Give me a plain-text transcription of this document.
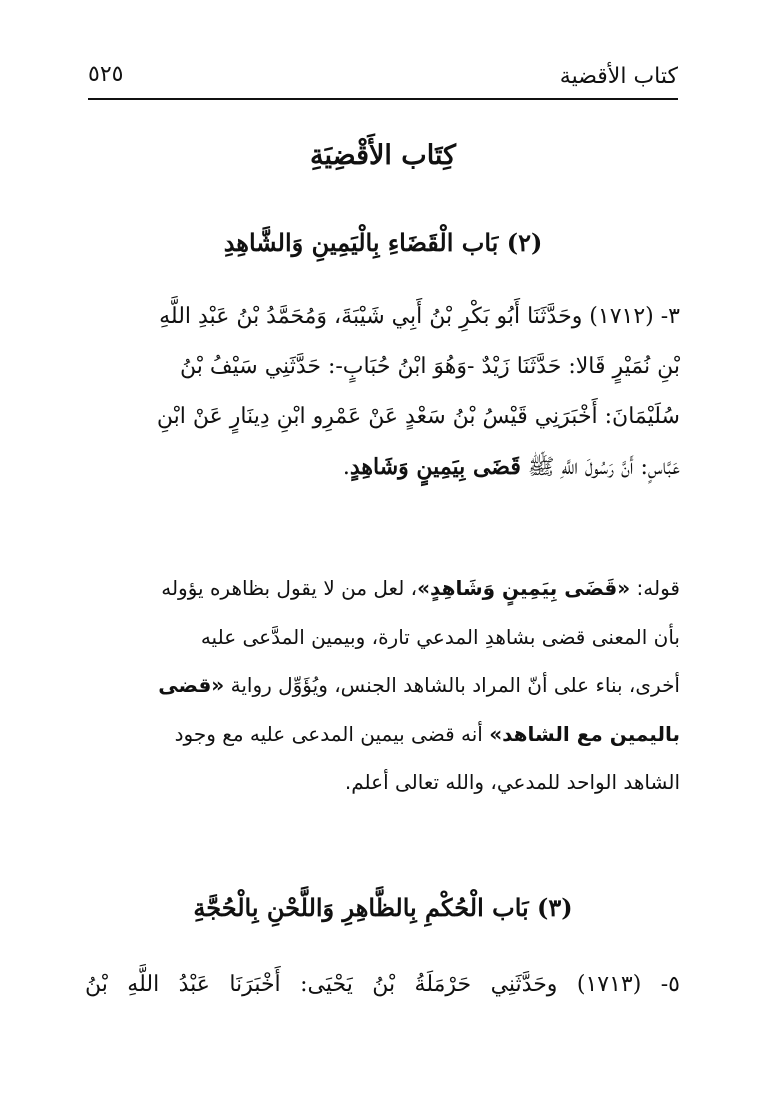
كتاب الأقضية
٥٢٥
كِتَاب الأَقْضِيَةِ
(٢) بَاب الْقَضَاءِ بِالْيَمِينِ وَالشَّاهِدِ
٣- (١٧١٢) وحَدَّثَنَا أَبُو بَكْرِ بْنُ أَبِي شَيْبَةَ، وَمُحَمَّدُ بْنُ عَبْدِ اللَّهِ
بْنِ نُمَيْرٍ قَالا: حَدَّثَنَا زَيْدٌ -وَهُوَ ابْنُ حُبَابٍ-: حَدَّثَنِي سَيْفُ بْنُ
سُلَيْمَانَ: أَخْبَرَنِي قَيْسُ بْنُ سَعْدٍ عَنْ عَمْرِو ابْنِ دِينَارٍ عَنْ ابْنِ
عَبَّاسٍ: أَنَّ رَسُولَ اللَّهِ ﷺ قَضَى بِيَمِينٍ وَشَاهِدٍ.
قوله: «قَضَى بِيَمِينٍ وَشَاهِدٍ»، لعل من لا يقول بظاهره يؤوله
بأن المعنى قضى بشاهدِ المدعي تارة، وبيمين المدَّعى عليه
أخرى، بناء على أنّ المراد بالشاهد الجنس، ويُؤَوِّل رواية «قضى
باليمين مع الشاهد» أنه قضى بيمين المدعى عليه مع وجود
الشاهد الواحد للمدعي، والله تعالى أعلم.
(٣) بَاب الْحُكْمِ بِالظَّاهِرِ وَاللَّحْنِ بِالْحُجَّةِ
٥- (١٧١٣) وحَدَّثَنِي حَرْمَلَةُ بْنُ يَحْيَى: أَخْبَرَنَا عَبْدُ اللَّهِ بْنُ
